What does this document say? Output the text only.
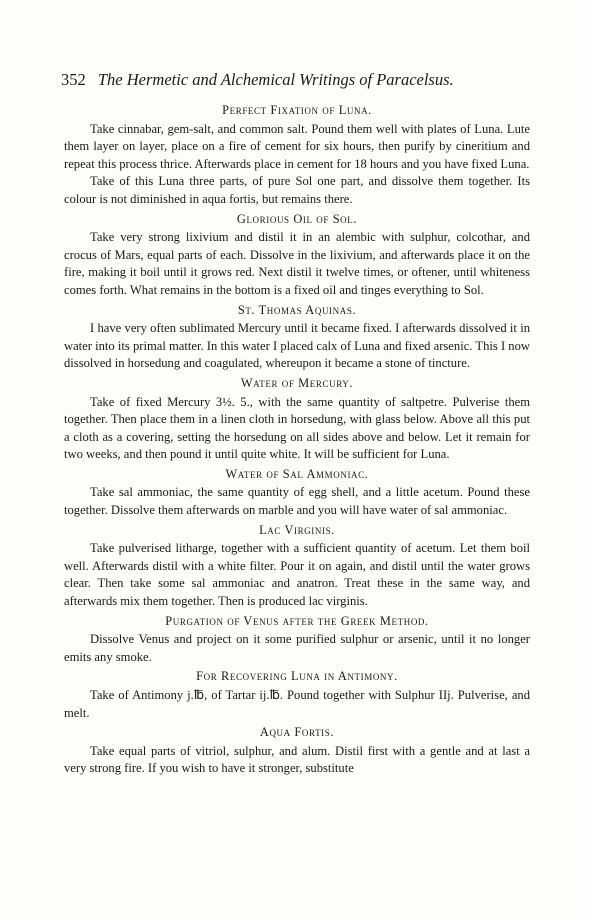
352 The Hermetic and Alchemical Writings of Paracelsus.
Perfect Fixation of Luna.

Take cinnabar, gem-salt, and common salt. Pound them well with plates of Luna. Lute them layer on layer, place on a fire of cement for six hours, then purify by cineritium and repeat this process thrice. Afterwards place in cement for 18 hours and you have fixed Luna.

Take of this Luna three parts, of pure Sol one part, and dissolve them together. Its colour is not diminished in aqua fortis, but remains there.

Glorious Oil of Sol.

Take very strong lixivium and distil it in an alembic with sulphur, colcothar, and crocus of Mars, equal parts of each. Dissolve in the lixivium, and afterwards place it on the fire, making it boil until it grows red. Next distil it twelve times, or oftener, until whiteness comes forth. What remains in the bottom is a fixed oil and tinges everything to Sol.

St. Thomas Aquinas.

I have very often sublimated Mercury until it became fixed. I afterwards dissolved it in water into its primal matter. In this water I placed calx of Luna and fixed arsenic. This I now dissolved in horsedung and coagulated, whereupon it became a stone of tincture.

Water of Mercury.

Take of fixed Mercury 3½. 5., with the same quantity of saltpetre. Pulverise them together. Then place them in a linen cloth in horsedung, with glass below. Above all this put a cloth as a covering, setting the horsedung on all sides above and below. Let it remain for two weeks, and then pound it until quite white. It will be sufficient for Luna.

Water of Sal Ammoniac.

Take sal ammoniac, the same quantity of egg shell, and a little acetum. Pound these together. Dissolve them afterwards on marble and you will have water of sal ammoniac.

Lac Virginis.

Take pulverised litharge, together with a sufficient quantity of acetum. Let them boil well. Afterwards distil with a white filter. Pour it on again, and distil until the water grows clear. Then take some sal ammoniac and anatron. Treat these in the same way, and afterwards mix them together. Then is produced lac virginis.

Purgation of Venus after the Greek Method.

Dissolve Venus and project on it some purified sulphur or arsenic, until it no longer emits any smoke.

For Recovering Luna in Antimony.

Take of Antimony j.℔, of Tartar ij.℔. Pound together with Sulphur IIj. Pulverise, and melt.

Aqua Fortis.

Take equal parts of vitriol, sulphur, and alum. Distil first with a gentle and at last a very strong fire. If you wish to have it stronger, substitute
